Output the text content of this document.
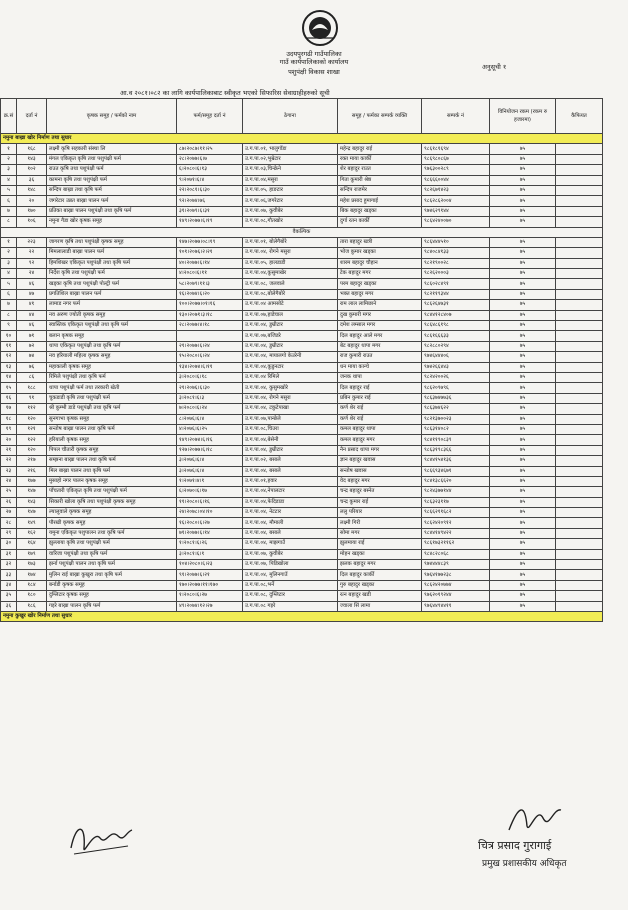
उदयपुरगढी गाउँपालिका
गाउँ कार्यपालिकाको कार्यालय
पशुपंक्षी विकास शाखा
अनुसूची १
आ.व २०८१।०८२ का लागि कार्यपालिकाबाट स्वीकृत भएको सिफारिस सेवाग्राहीहरुको सूची
क्र.सं	दर्ता नं	कृषक समूह / फर्मको नाम	फर्म/समूह दर्ता नं	ठेगाना	समूह / फर्मका सम्पर्क व्यक्ति	सम्पर्क नं	विनियोजन रकम (रकम रु हजारमा)	कैफियत
नमुना बाख्रा खोर निर्माण तथा सुधार								
१	१६८	लक्ष्मी कृषि सहकारी संस्था लि	८७।२०८७।११।२५	उ.ग.पा.०१, भालुगाँडा	महेन्द्र बहादुर राई	९८६१८१६९४	७५	
२	१४३	मंगल एकिकृत कृषि तथा पशुपंक्षी फर्म	२८।२०७७।६।७	उ.ग.पा.०२,भुम्रेटार	रक्त माया कार्की	९८६९८०८६७	७५	
३	१०२	राउत कृषि तथा पशुपंक्षी फर्म	६।२०८०।६।१३	उ.ग.पा.०३,चिन्क्रेने	शेर बहादुर राउत	९७६३००२८९	७५	
४	३६	कामना कृषि तथा पशुपंक्षी फर्म	९।२०७१।६।४	उ.ग.पा.०४,मसुरा	गिता कुमारी श्रेष्ठ	९८६६६००४४	७५	
५	१४८	सन्दिप बाख्रा तथा कृषि फर्म	२२।२०८१।६।३०	उ.ग.पा.०५, हाङटार	सन्दिप राजमेर	९८२६७१४२३	७५	
६	२०	जगरेटार उन्नत बाख्रा पालन फर्म	९२।२०७४।७६	उ.ग.पा.०६,जगरेटार	महेश प्रसाद हुमागाई	९८६२८६२००४	७५	
७	१७०	प्रतिका बाख्रा पालन पशुपंक्षी तथा कृषि फर्म	३१।२०७९।६।३१	उ.ग.पा.०७, कुवीबेर	बिक बहादुर खड्का	९७४६२९१४४	७५	
८	१०६	नमुना गैडा खोर कृषक समूह	१४९।२०७७।६।१९	उ.ग.पा.०८,गौतखोर	दुर्गा रतन कार्की	९८६४२४००७०	७५	
वैकल्पिक								
१	२२३	जागरण कृषि तथा पशुपंक्षी कृषक समूह	१४७।२०७७।०८।१९	उ.ग.पा.०१, बोलेगैबोरे	तारा बहादुर खत्री	९८६४४४५१०	७५	
२	२२	मिमलालाडी बाख्रा पालन फर्म	१०१।२०७६।२।२१	उ.ग.पा.०४, रोगने मसुरा	भोज कुमार खड्का	९८४०८४१३३	७५	
३	९२	हिमशिखर एकिकृत पशुपंक्षी तथा कृषि फर्म	४०।२०७७।६।१४	उ.ग.पा.०५, हालडाडी	शारम बहादुर चौहान	९८२१९००२८	७५	
४	२४	निर्देश कृषि तथा पशुपंक्षी फर्म	४।२०८०।६।११	उ.ग.पा.०४,कुसुमाखेर	टेक बहादुर मगर	९८२६२०००३	७५	
५	४६	खड्का कृषि तथा पशुपंक्षी पोल्ट्री फर्म	५८।२०७९।११।३	उ.ग.पा.०८, जलवाले	परम बहादुर खड्का	९८६०२८४९१	७५	
६	४७	प्रगतिशिल बाख्रा पालन फर्म	१६।२०७४।६।२०	उ.ग.पा.०८,बोलेगैबोरे	भक्त बहादुर मगर	९८२११९३४४	७५	
७	४१	लामाड नगर फर्म	१००।२०७७।०१।१६	उ.ग.पा.०४ आमसोटे	राम लाल लामिछाने	९८६२६४७३१	७५	
८	४४	नव अरुण ज्योती कृषक समूह	१३०।२०७१।३।१८	उ.ग.पा.०७,हाडेचाल	दुख कुमारी मगर	९८४४१२८४०७	७५	
९	४६	स्वास्तिक एकिकृत पशुपंक्षी तथा कृषि फर्म	२८।२०७७।४।१८	उ.ग.पा.०४, डुम्रीटार	दमेश लम्साल मगर	९८६४८६१९८	७५	
१०	७१	बलान कृषक समूह		उ.ग.पा.०७,बजिडरे	दिल बहादुर आले मगर	९८६१६६६३३	७५	
११	७२	थापा एकिकृत पशुपंक्षी तथा कृषि फर्म	२१।२०७७।६।२४	उ.ग.पा.०४, डुम्रीटार	बेट बहादुर थापा मगर	९८२८८०२९४	७५	
१२	७४	नव हरियाली महिला कृषक समूह	१५।२०८०।६।२४	उ.ग.पा.०४, मायालगो केउरेनी	राज कुमारी राउत	९७४६४४४०६	७५	
१३	७६	महाकाली कृषक समूह	१३४।२०७४।६।११	उ.ग.पा.०४,कुडुनटार	धन माया कान्चे	९७४२६६४४३	७५	
१४	८६	रिमिले पशुपंक्षी तथा कृषि फर्म	३।२०८०।६।१८	उ.ग.पा.०४ रिमिले	जनक थापा	९८२४२००२६	७५	
१५	१८८	थापा पशुपंक्षी फर्म तथा तरकारी खेती	२१।२०७६।६।३०	उ.ग.पा.०४, कुसुमखोरे	दिल बहादुर राई	९८६२०९७९६	७५	
१६	९१	चुकडाडी कृषि तथा पशुपंक्षी फर्म	३।२०८१।६।३	उ.ग.पा.०४, रोगने मसुरा	प्रबिन कुमार राई	९८६३७४७७३६	७५	
१७	११२	श्री कुम्भी डाडे पशुपंक्षी तथा कृषि फर्म	७।२०८०।६।२४	उ.ग.पा.०४, टकुटेपाखा	कर्ण शेर राई	९८६३७४६२२	७५	
१८	१२०	सुनगाभा कृषक समूह	८।२०७६।६।४	उ.ग.पा.०७,पान्छेले	कर्ण शेर राई	९८२१३७००२३	७५	
१९	१२१	सन्तोष बाख्रा पालन तथा कृषि फर्म	४।२०७६।६।२५	उ.ग.पा.०८,चिउरा	कमल बहादुर थापा	९८६३१४०८२	७५	
२०	१२२	हरियाली कृषक समूह	१४९।२०७४।६।१६	उ.ग.पा.०४,बेसेनी	कमल बहादुर मगर	९८४११९०८३९	७५	
२१	१२०	पिपल चौतारी कृषक समूह	१२७।२०७७।६।१८	उ.ग.पा.०४, डुम्रीटार	नैन प्रसाद थापा मगर	९८६३१९८३६६	७५	
२२	२१७	सम्झना बाख्रा पालन तथा कृषि फर्म	३।२०७६।६।४	उ.ग.पा.०२, बसाले	ज्ञान बहादुर खवास	९८४४१५४१३६	७५	
२३	२१६	मिल बाख्रा पालन तथा कृषि फर्म	३।२०७६।६।४	उ.ग.पा.०४, बसाले	सन्तोष खवास	९८६६९३४६७१	७५	
२४	१७७	मुसाहो नगर पालन कृषक समूह	१।२०७१।४।१	उ.ग.पा.०१,हवार	वेद बहादुर मगर	९८४१३८६६२०	७५	
२५	१४७	पाँचतारी एकिकृत कृषि तथा पशुपंक्षी फर्म	६।२०७०।६।१७	उ.ग.पा.०४,नेपालटार	चन्द्र बहादुर बस्नेत	९८२४३७७१४४	७५	
२६	१४३	सिकारी खोला कृषि तथा पशुपंक्षी कृषक समूह	११।२०८०।६।१६	उ.ग.पा.०४,फेदिडाडा	चन्द्र कुमार राई	९८६३२३११७	७५	
२७	१४७	ल्यालुवाले कृषक समूह	२४।२०७८।०४।१०	उ.ग.पा.०४, नेटटार	ललु परियार	९८६६२११६८२	७५	
२८	१४९	पौरखी कृषक समूह	१६।२०८०।६।२७	उ.ग.पा.०४, मौमाली	लक्ष्मी गिरी	९८६२४२०९१२	७५	
२९	१६२	यमुना एकिकृत पशुपालन तथा कृषि फर्म	७१।२०७७।६।१४	उ.ग.पा.०४, बसाले	सोमा मगर	९८४४१४९४२२	७५	
३०	१६४	झुल्लाया कृषि तथा पशुपंक्षी फर्म	१।२०८१।६।२६	उ.ग.पा.०४, माझगाउँ	झुलमाया राई	९८६१७३२११६२	७५	
३१	१७९	वारिजा पशुपंक्षी तथा कृषि फर्म	३।२०८१।६।१	उ.ग.पा.०७, कुवीबेर	मोहन खड्का	९८४८२८०६८	७५	
३२	१७३	झर्ना पशुपंक्षी पालन तथा कृषि फर्म	१०४।२०८०।६।२३	उ.ग.पा.०७, पिडिखोला	झलक बहादुर मगर	९७४४४४८३९	७५	
३३	१७४	मुलिन राई बाख्रा कुखुरा तथा कृषि फर्म	९१।२०७७।६।२१	उ.ग.पा.०४, मुलिनगाउँ	दिल बहादुर कार्की	९७६४१७७२३८	७५	
३४	१८४	बर्नाडी कृषक समूह	१७०।२०७७।११।१७०	उ.ग.पा.०८,भर्ने	गुरु बहादुर खड्का	९८६२४२०७७४	७५	
३५	१८०	दुम्लिटार कृषक समूह	१।२०८०।६।२७	उ.ग.पा.०८, दुम्लिटार	रत्न बहादुर खडी	९७६२०१९२४४	७५	
३६	१८६	गइरे बाख्रा पालन कृषि फर्म	४९।२०७४।१२।२७	उ.ग.पा.०८ गइरे	ज्वाला सिं लामा	९७६४४९४४११	७५	
नमुना कुखुर खोर निर्माण तथा सुधार								
चित्र प्रसाद गुरागाई
प्रमुख प्रशासकीय अधिकृत
